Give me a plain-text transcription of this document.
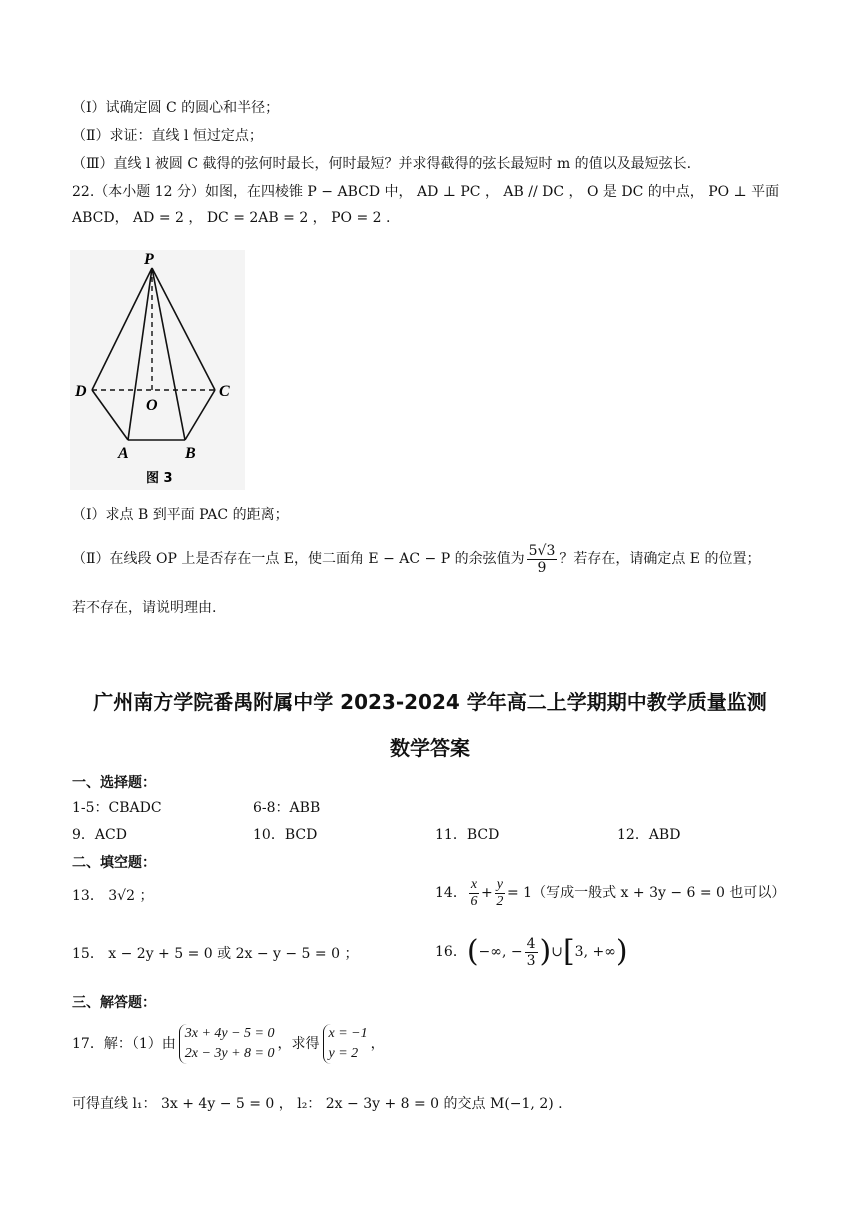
（Ⅰ）试确定圆 C 的圆心和半径；
（Ⅱ）求证：直线 l 恒过定点；
（Ⅲ）直线 l 被圆 C 截得的弦何时最长，何时最短？并求得截得的弦长最短时 m 的值以及最短弦长.
22.（本小题 12 分）如图，在四棱锥 P − ABCD 中， AD ⊥ PC ， AB // DC ， O 是 DC 的中点， PO ⊥ 平面
ABCD， AD = 2 ， DC = 2AB = 2 ， PO = 2 .
P
D	C
O
A	B
图 3
（Ⅰ）求点 B 到平面 PAC 的距离；
（Ⅱ）在线段 OP 上是否存在一点 E，使二面角 E − AC − P 的余弦值为 $\frac{5√3}{9}$ ？若存在，请确定点 E 的位置；
若不存在，请说明理由.
广州南方学院番禺附属中学 2023-2024 学年高二上学期期中教学质量监测
数学答案
一、选择题：
1-5：CBADC	6-8：ABB
9．ACD	10．BCD	11．BCD	12．ABD
二、填空题：
13． 3√2 ；	14． $\frac{x}{6} + \frac{y}{2} = 1$（写成一般式 x + 3y − 6 = 0 也可以）
15． x − 2y + 5 = 0 或 2x − y − 5 = 0 ；	16．(−∞, − $\frac{4}{3}$ )∪[3, +∞)
三、解答题：
17．解：（1）由
3x + 4y − 5 = 0
2x − 3y + 8 = 0
，求得
x = −1
y = 2
，
可得直线 l₁： 3x + 4y − 5 = 0 ， l₂： 2x − 3y + 8 = 0 的交点 M(−1, 2) .
